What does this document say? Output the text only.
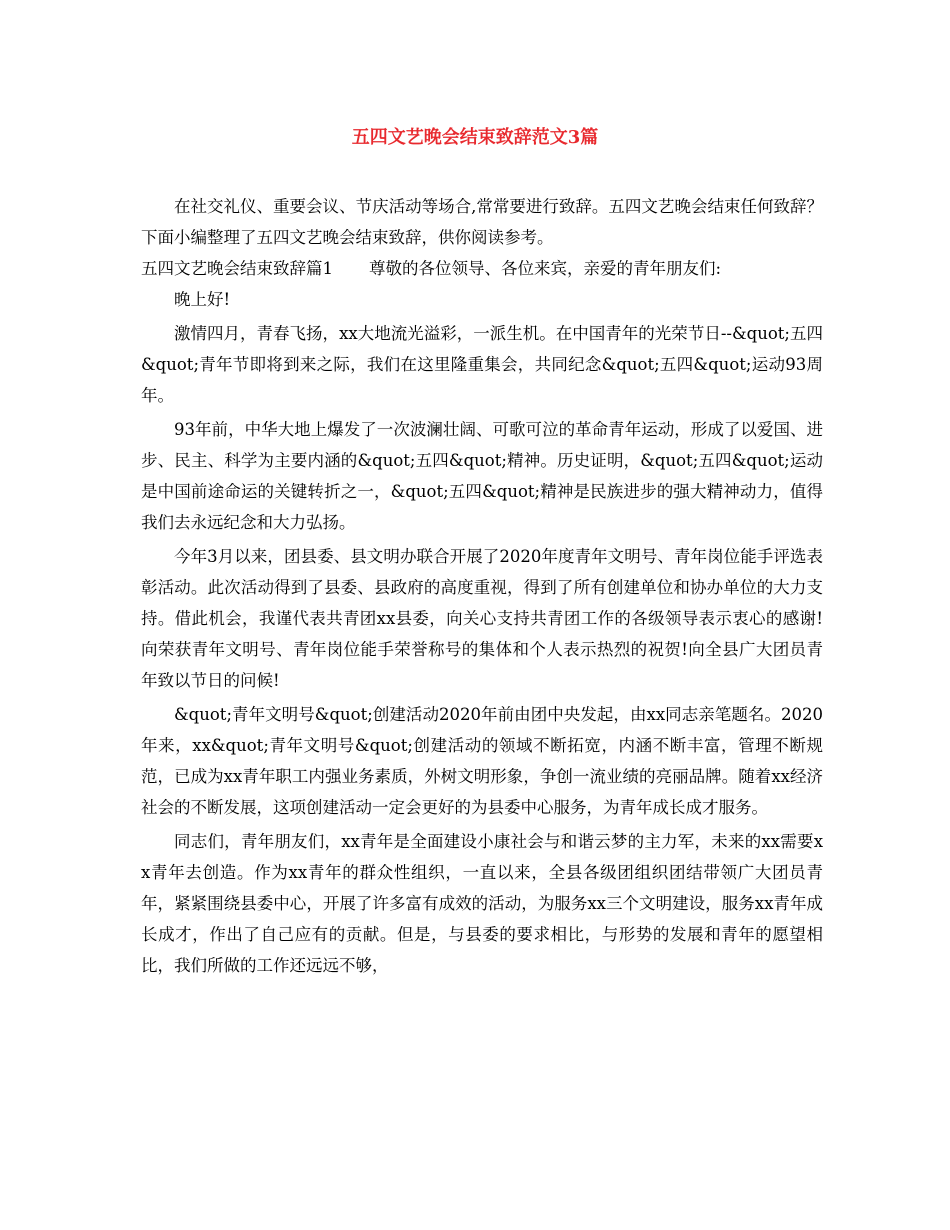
五四文艺晚会结束致辞范文3篇

在社交礼仪、重要会议、节庆活动等场合,常常要进行致辞。五四文艺晚会结束任何致辞？下面小编整理了五四文艺晚会结束致辞，供你阅读参考。

五四文艺晚会结束致辞篇1 尊敬的各位领导、各位来宾，亲爱的青年朋友们:

晚上好!

激情四月，青春飞扬，xx大地流光溢彩，一派生机。在中国青年的光荣节日--&quot;五四&quot;青年节即将到来之际，我们在这里隆重集会，共同纪念&quot;五四&quot;运动93周年。

93年前，中华大地上爆发了一次波澜壮阔、可歌可泣的革命青年运动，形成了以爱国、进步、民主、科学为主要内涵的&quot;五四&quot;精神。历史证明，&quot;五四&quot;运动是中国前途命运的关键转折之一，&quot;五四&quot;精神是民族进步的强大精神动力，值得我们去永远纪念和大力弘扬。

今年3月以来，团县委、县文明办联合开展了2020年度青年文明号、青年岗位能手评选表彰活动。此次活动得到了县委、县政府的高度重视，得到了所有创建单位和协办单位的大力支持。借此机会，我谨代表共青团xx县委，向关心支持共青团工作的各级领导表示衷心的感谢!向荣获青年文明号、青年岗位能手荣誉称号的集体和个人表示热烈的祝贺!向全县广大团员青年致以节日的问候!

&quot;青年文明号&quot;创建活动2020年前由团中央发起，由xx同志亲笔题名。2020年来，xx&quot;青年文明号&quot;创建活动的领域不断拓宽，内涵不断丰富，管理不断规范，已成为xx青年职工内强业务素质，外树文明形象，争创一流业绩的亮丽品牌。随着xx经济社会的不断发展，这项创建活动一定会更好的为县委中心服务，为青年成长成才服务。

同志们，青年朋友们，xx青年是全面建设小康社会与和谐云梦的主力军，未来的xx需要xx青年去创造。作为xx青年的群众性组织，一直以来，全县各级团组织团结带领广大团员青年，紧紧围绕县委中心，开展了许多富有成效的活动，为服务xx三个文明建设，服务xx青年成长成才，作出了自己应有的贡献。但是，与县委的要求相比，与形势的发展和青年的愿望相比，我们所做的工作还远远不够，
